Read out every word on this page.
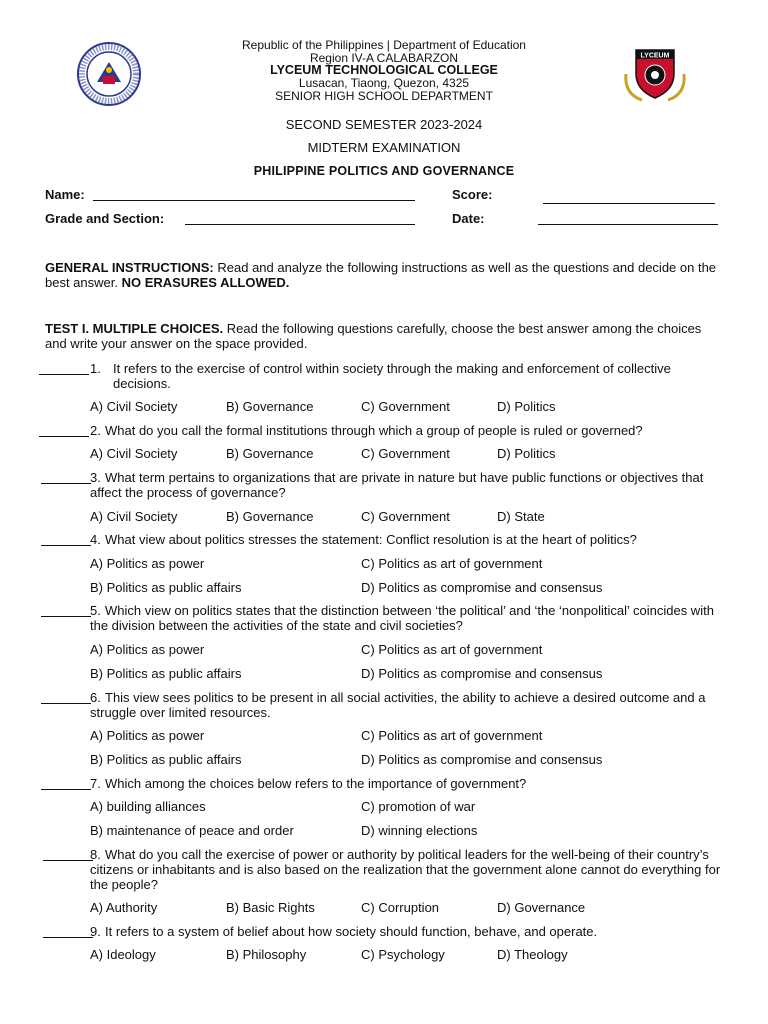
LYCEUM
Republic of the Philippines | Department of Education
Region IV-A CALABARZON
LYCEUM TECHNOLOGICAL COLLEGE
Lusacan, Tiaong, Quezon, 4325
SENIOR HIGH SCHOOL DEPARTMENT
SECOND SEMESTER 2023-2024
MIDTERM EXAMINATION
PHILIPPINE POLITICS AND GOVERNANCE
Name:	Score:
Grade and Section:	Date:
GENERAL INSTRUCTIONS: Read and analyze the following instructions as well as the questions and decide on the best answer. NO ERASURES ALLOWED.
TEST I. MULTIPLE CHOICES. Read the following questions carefully, choose the best answer among the choices and write your answer on the space provided.
1. It refers to the exercise of control within society through the making and enforcement of collective decisions.
A) Civil Society	B) Governance	C) Government	D) Politics
2. What do you call the formal institutions through which a group of people is ruled or governed?
A) Civil Society	B) Governance	C) Government	D) Politics
3. What term pertains to organizations that are private in nature but have public functions or objectives that affect the process of governance?
A) Civil Society	B) Governance	C) Government	D) State
4. What view about politics stresses the statement: Conflict resolution is at the heart of politics?
A) Politics as power	C) Politics as art of government
B) Politics as public affairs	D) Politics as compromise and consensus
5. Which view on politics states that the distinction between ‘the political’ and ‘the ‘nonpolitical’ coincides with the division between the activities of the state and civil societies?
A) Politics as power	C) Politics as art of government
B) Politics as public affairs	D) Politics as compromise and consensus
6. This view sees politics to be present in all social activities, the ability to achieve a desired outcome and a struggle over limited resources.
A) Politics as power	C) Politics as art of government
B) Politics as public affairs	D) Politics as compromise and consensus
7. Which among the choices below refers to the importance of government?
A) building alliances	C) promotion of war
B) maintenance of peace and order	D) winning elections
8. What do you call the exercise of power or authority by political leaders for the well-being of their country’s citizens or inhabitants and is also based on the realization that the government alone cannot do everything for the people?
A) Authority	B) Basic Rights	C) Corruption	D) Governance
9. It refers to a system of belief about how society should function, behave, and operate.
A) Ideology	B) Philosophy	C) Psychology	D) Theology
